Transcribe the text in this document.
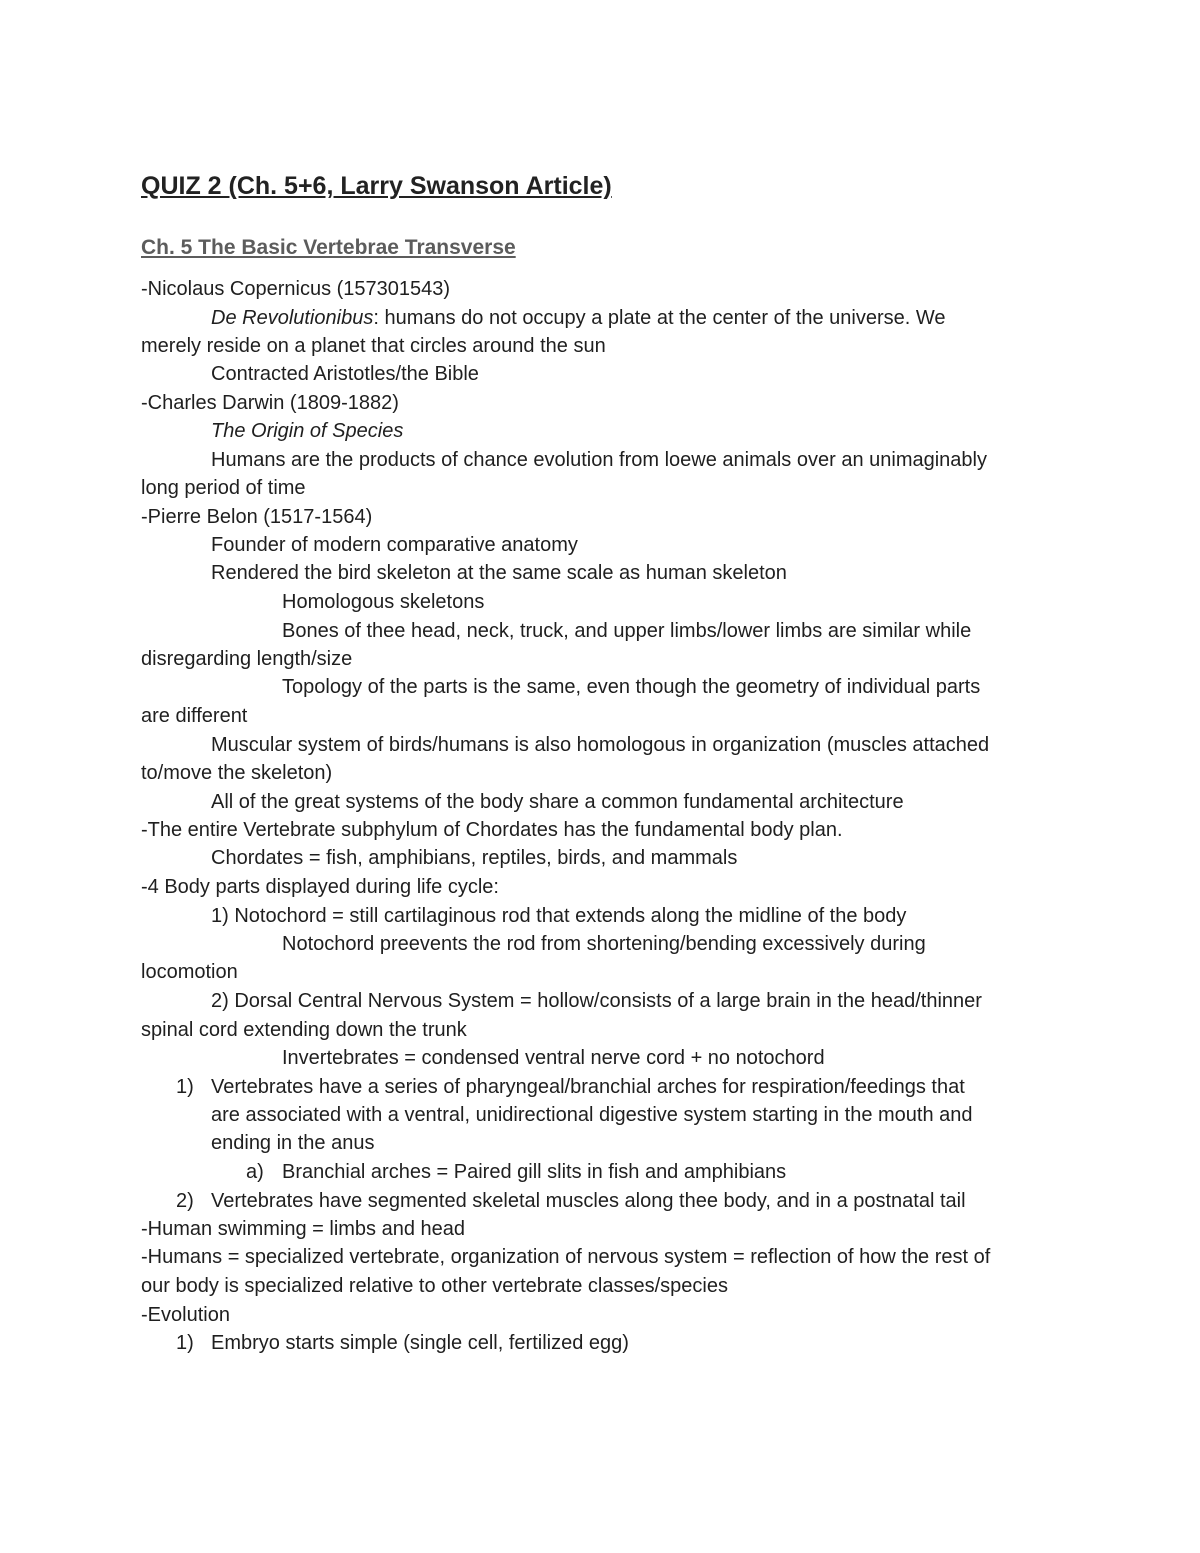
QUIZ 2 (Ch. 5+6, Larry Swanson Article)
Ch. 5 The Basic Vertebrae Transverse

-Nicolaus Copernicus (157301543)

De Revolutionibus: humans do not occupy a plate at the center of the universe. We

merely reside on a planet that circles around the sun

Contracted Aristotles/the Bible

-Charles Darwin (1809-1882)

The Origin of Species

Humans are the products of chance evolution from loewe animals over an unimaginably

long period of time

-Pierre Belon (1517-1564)

Founder of modern comparative anatomy

Rendered the bird skeleton at the same scale as human skeleton

Homologous skeletons

Bones of thee head, neck, truck, and upper limbs/lower limbs are similar while

disregarding length/size

Topology of the parts is the same, even though the geometry of individual parts

are different

Muscular system of birds/humans is also homologous in organization (muscles attached

to/move the skeleton)

All of the great systems of the body share a common fundamental architecture

-The entire Vertebrate subphylum of Chordates has the fundamental body plan.

Chordates = fish, amphibians, reptiles, birds, and mammals

-4 Body parts displayed during life cycle:

1) Notochord = still cartilaginous rod that extends along the midline of the body

Notochord preevents the rod from shortening/bending excessively during

locomotion

2) Dorsal Central Nervous System = hollow/consists of a large brain in the head/thinner

spinal cord extending down the trunk

Invertebrates = condensed ventral nerve cord + no notochord

1) Vertebrates have a series of pharyngeal/branchial arches for respiration/feedings that

are associated with a ventral, unidirectional digestive system starting in the mouth and

ending in the anus

a) Branchial arches = Paired gill slits in fish and amphibians

2) Vertebrates have segmented skeletal muscles along thee body, and in a postnatal tail

-Human swimming = limbs and head

-Humans = specialized vertebrate, organization of nervous system = reflection of how the rest of

our body is specialized relative to other vertebrate classes/species

-Evolution

1) Embryo starts simple (single cell, fertilized egg)
